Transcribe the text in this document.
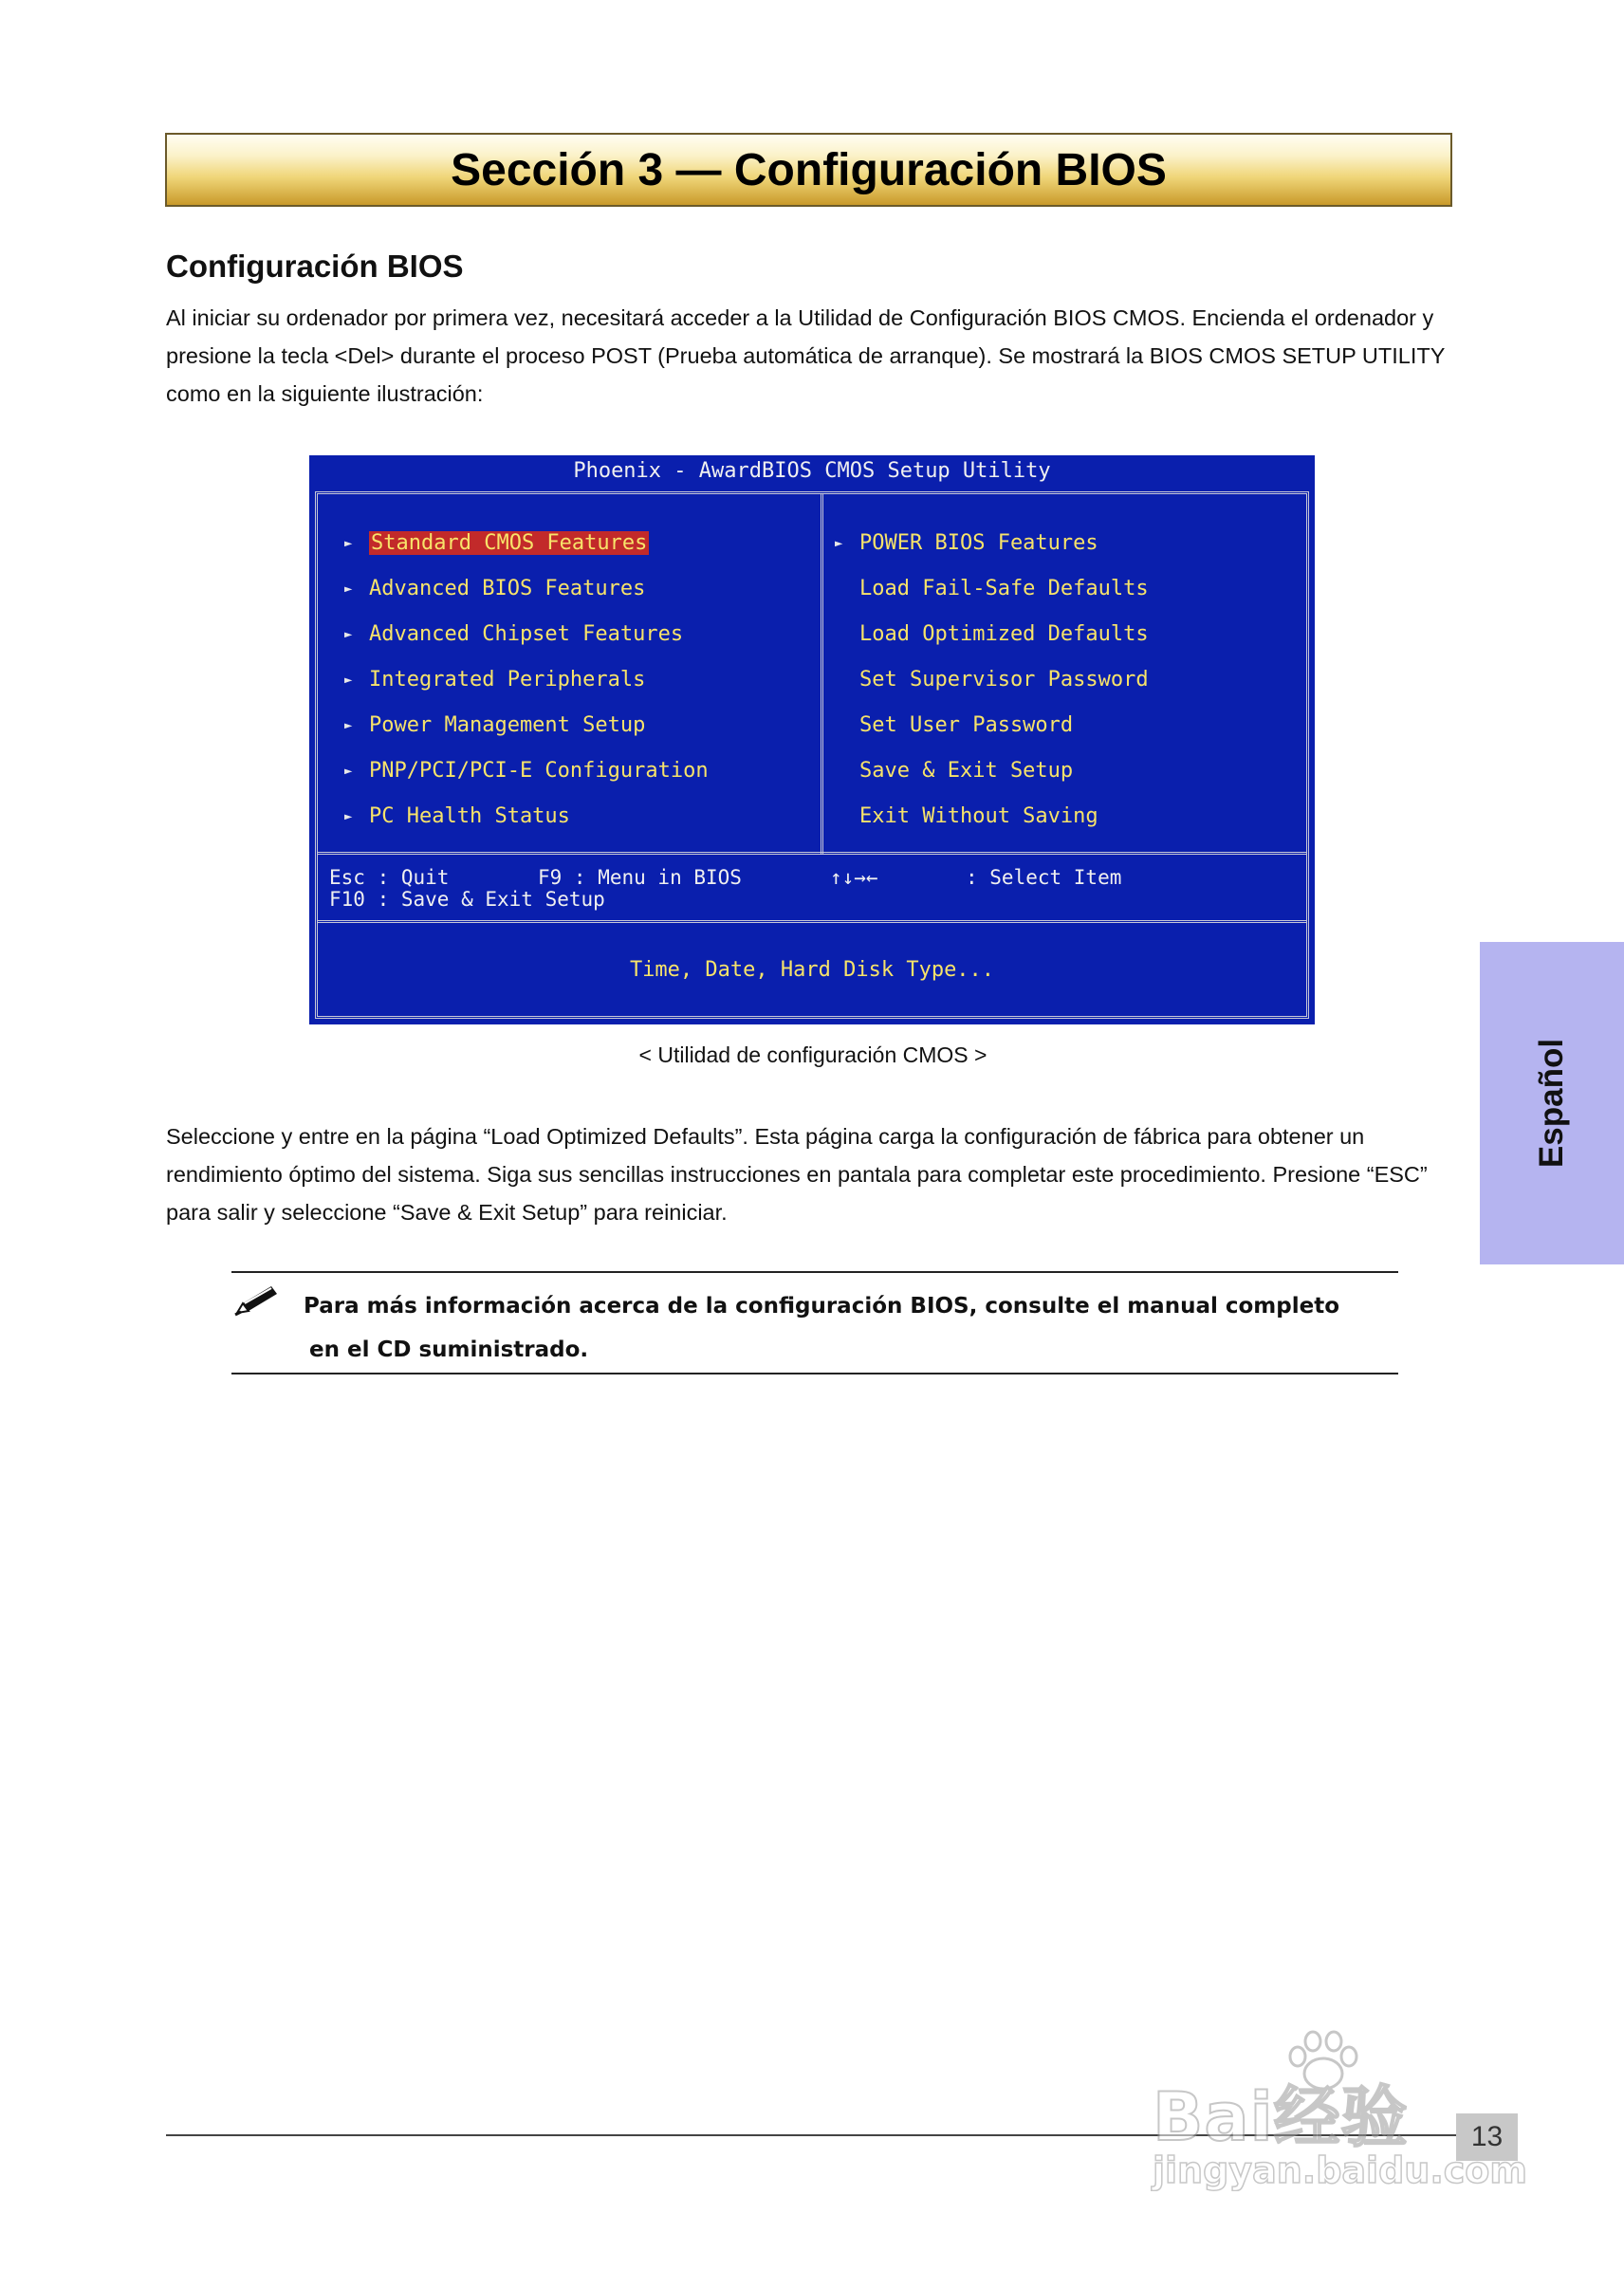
Sección 3 — Configuración BIOS
Configuración BIOS

Al iniciar su ordenador por primera vez, necesitará acceder a la Utilidad de Configuración BIOS CMOS. Encienda el ordenador y presione la tecla <Del> durante el proceso POST (Prueba automática de arranque). Se mostrará la BIOS CMOS SETUP UTILITY como en la siguiente ilustración:

Phoenix - AwardBIOS CMOS Setup Utility
► Standard CMOS Features
► Advanced BIOS Features
► Advanced Chipset Features
► Integrated Peripherals
► Power Management Setup
► PNP/PCI/PCI-E Configuration
► PC Health Status
► POWER BIOS Features
Load Fail-Safe Defaults
Load Optimized Defaults
Set Supervisor Password
Set User Password
Save & Exit Setup
Exit Without Saving
Esc : Quit	F9 : Menu in BIOS	↑↓→←	: Select Item
F10 : Save & Exit Setup
Time, Date, Hard Disk Type...
< Utilidad de configuración CMOS >

Seleccione y entre en la página “Load Optimized Defaults”. Esta página carga la configuración de fábrica para obtener un rendimiento óptimo del sistema. Siga sus sencillas instrucciones en pantala para completar este procedimiento. Presione “ESC” para salir y seleccione “Save & Exit Setup” para reiniciar.

Para más información acerca de la configuración BIOS, consulte el manual completo
en el CD suministrado.
Español
13
Bai经验
jingyan.baidu.com
